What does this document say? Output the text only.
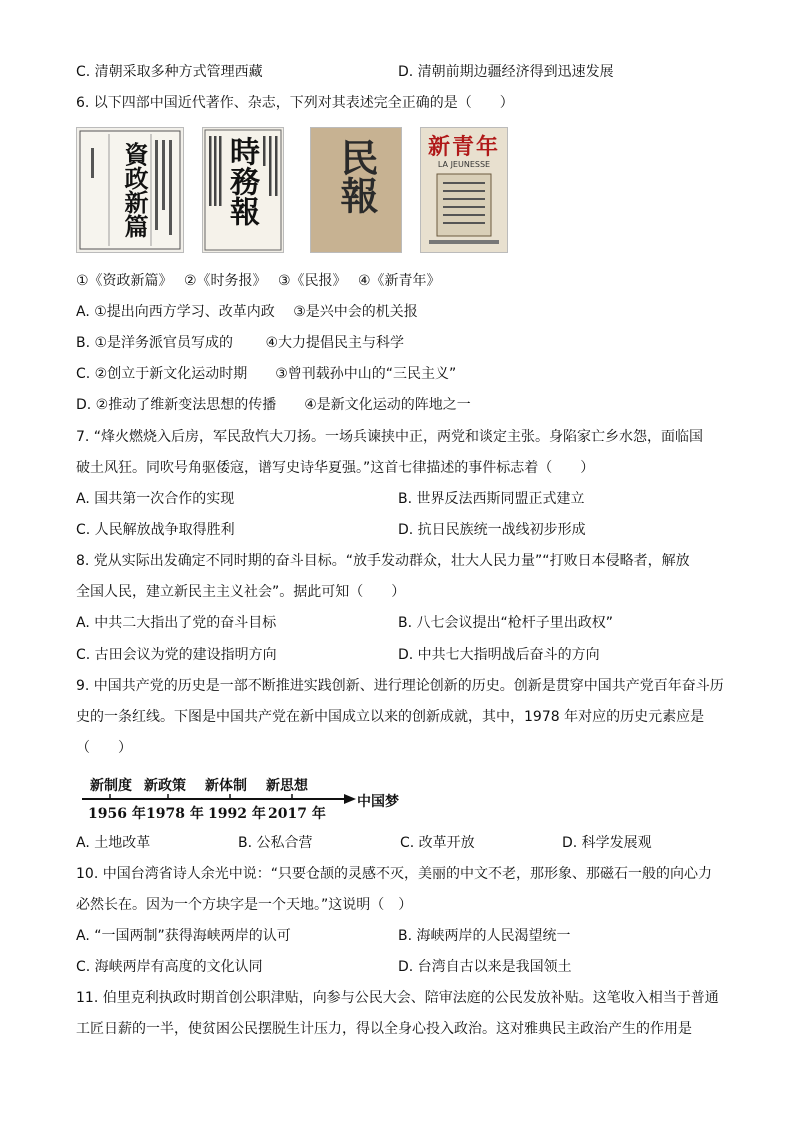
C. 清朝采取多种方式管理西藏	D. 清朝前期边疆经济得到迅速发展
6. 以下四部中国近代著作、杂志，下列对其表述完全正确的是（　　）
資政新篇	時務報 民報 新青年
LA JEUNESSE
①《资政新篇》　 ②《时务报》　 ③《民报》　 ④《新青年》
A. ①提出向西方学习、改革内政　 ③是兴中会的机关报
B. ①是洋务派官员写成的　　 ④大力提倡民主与科学
C. ②创立于新文化运动时期　　③曾刊载孙中山的“三民主义”
D. ②推动了维新变法思想的传播　　④是新文化运动的阵地之一
7. “烽火燃烧入后房，军民敌忾大刀扬。一场兵谏挟中正，两党和谈定主张。身陷家亡乡水怨，面临国
破土风狂。同吹号角驱倭寇，谱写史诗华夏强。”这首七律描述的事件标志着（　　）
A. 国共第一次合作的实现	B. 世界反法西斯同盟正式建立
C. 人民解放战争取得胜利	D. 抗日民族统一战线初步形成
8. 党从实际出发确定不同时期的奋斗目标。“放手发动群众，壮大人民力量”“打败日本侵略者，解放
全国人民，建立新民主主义社会”。据此可知（　　）
A. 中共二大指出了党的奋斗目标	B. 八七会议提出“枪杆子里出政权”
C. 古田会议为党的建设指明方向	D. 中共七大指明战后奋斗的方向
9. 中国共产党的历史是一部不断推进实践创新、进行理论创新的历史。创新是贯穿中国共产党百年奋斗历
史的一条红线。下图是中国共产党在新中国成立以来的创新成就，其中，1978 年对应的历史元素应是
（　　）
新制度 新政策 新体制 新思想
中国梦
1956 年 1978 年 1992 年 2017 年
A. 土地改革	B. 公私合营	C. 改革开放	D. 科学发展观
10. 中国台湾省诗人余光中说：“只要仓颉的灵感不灭，美丽的中文不老，那形象、那磁石一般的向心力
必然长在。因为一个方块字是一个天地。”这说明（　）
A. “一国两制”获得海峡两岸的认可	B. 海峡两岸的人民渴望统一
C. 海峡两岸有高度的文化认同	D. 台湾自古以来是我国领土
11. 伯里克利执政时期首创公职津贴，向参与公民大会、陪审法庭的公民发放补贴。这笔收入相当于普通
工匠日薪的一半，使贫困公民摆脱生计压力，得以全身心投入政治。这对雅典民主政治产生的作用是
